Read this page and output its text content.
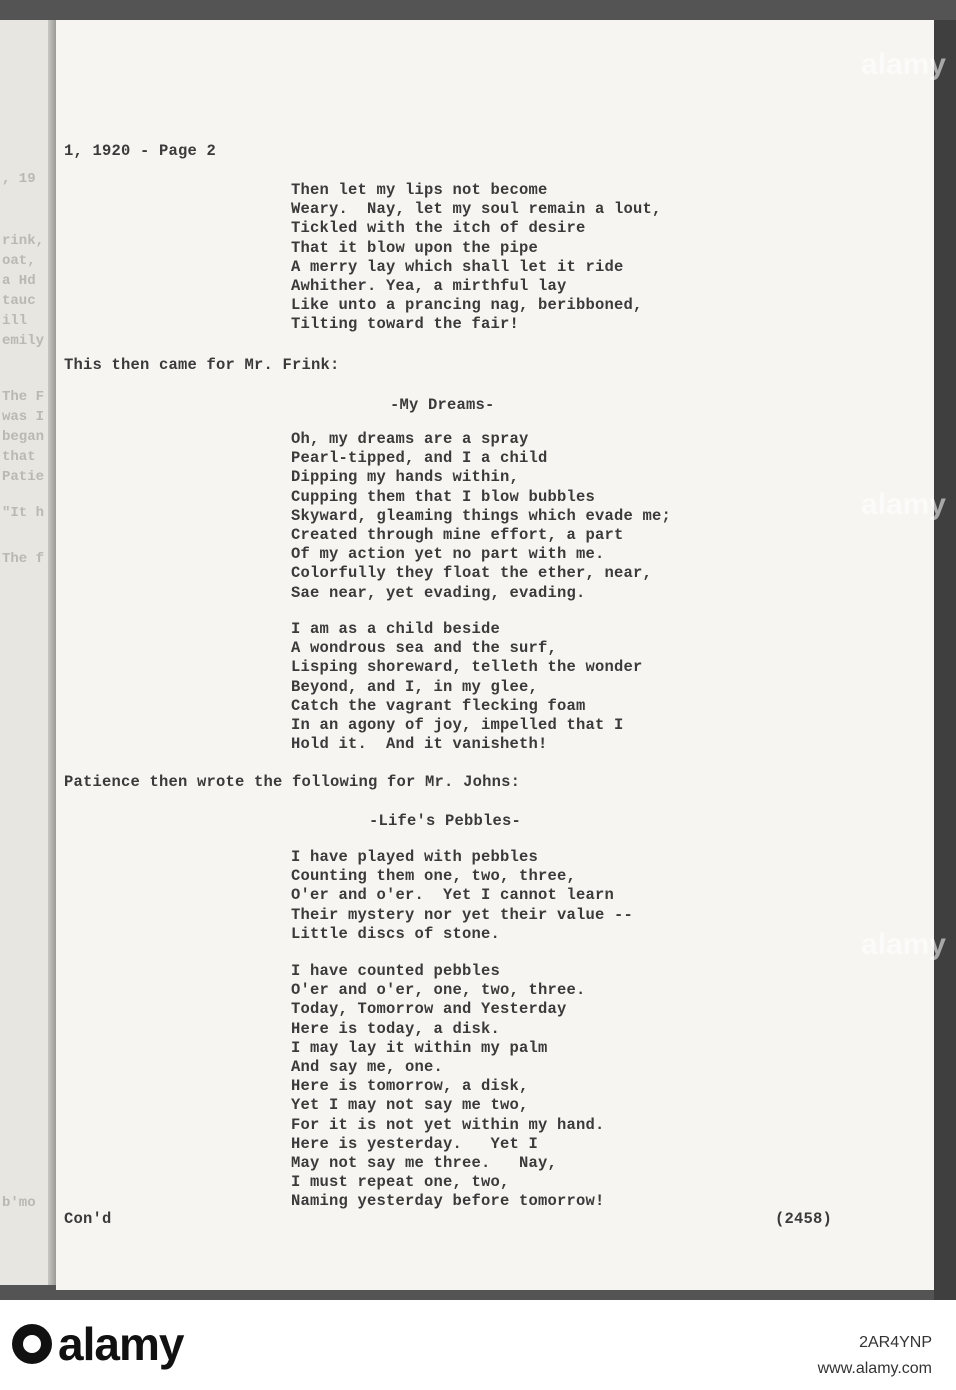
, 19
rink,
oat,
a Hd
tauc
ill
emily
The F
was I
began
that
Patie
"It h
The f
b'mo
alamy
alamy
alamy
1, 1920 - Page 2
Then let my lips not become
Weary.  Nay, let my soul remain a lout,
Tickled with the itch of desire
That it blow upon the pipe
A merry lay which shall let it ride
Awhither. Yea, a mirthful lay
Like unto a prancing nag, beribboned,
Tilting toward the fair!
This then came for Mr. Frink:
-My Dreams-
Oh, my dreams are a spray
Pearl-tipped, and I a child
Dipping my hands within,
Cupping them that I blow bubbles
Skyward, gleaming things which evade me;
Created through mine effort, a part
Of my action yet no part with me.
Colorfully they float the ether, near,
Sae near, yet evading, evading.
I am as a child beside
A wondrous sea and the surf,
Lisping shoreward, telleth the wonder
Beyond, and I, in my glee,
Catch the vagrant flecking foam
In an agony of joy, impelled that I
Hold it.  And it vanisheth!
Patience then wrote the following for Mr. Johns:
-Life's Pebbles-
I have played with pebbles
Counting them one, two, three,
O'er and o'er.  Yet I cannot learn
Their mystery nor yet their value --
Little discs of stone.
I have counted pebbles
O'er and o'er, one, two, three.
Today, Tomorrow and Yesterday
Here is today, a disk.
I may lay it within my palm
And say me, one.
Here is tomorrow, a disk,
Yet I may not say me two,
For it is not yet within my hand.
Here is yesterday.   Yet I
May not say me three.   Nay,
I must repeat one, two,
Naming yesterday before tomorrow!
Con'd	(2458)
alamy	2AR4YNP
www.alamy.com
